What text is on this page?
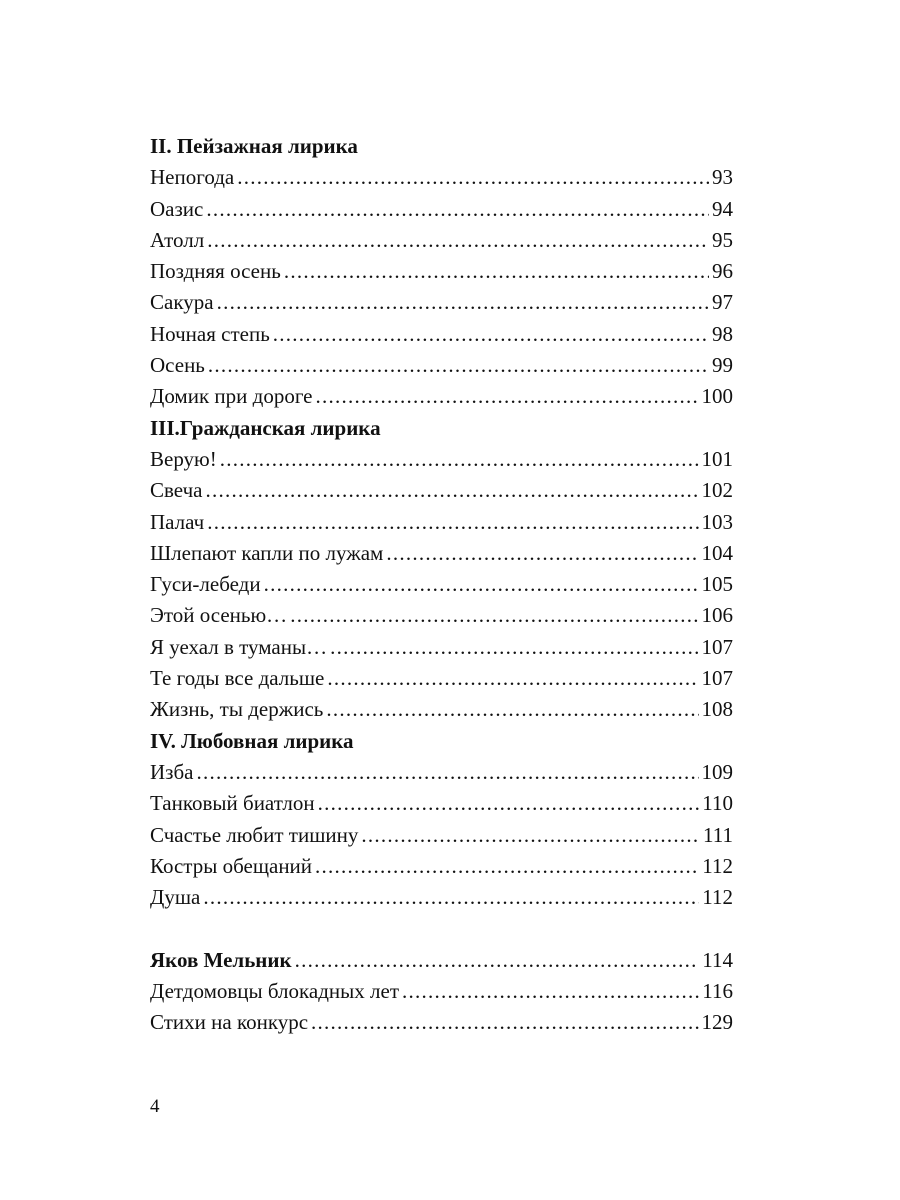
II. Пейзажная лирика
Непогода . . .	93
Оазис . . .	94
Атолл . . .	95
Поздняя осень . . .	96
Сакура . . .	97
Ночная степь . . .	98
Осень . . .	99
Домик при дороге . . .	100
III.Гражданская лирика
Верую! . . .	101
Свеча . . .	102
Палач . . .	103
Шлепают капли по лужам . . .	104
Гуси-лебеди . . .	105
Этой осенью… . . .	106
Я уехал в туманы… . . .	107
Те годы все дальше . . .	107
Жизнь, ты держись . . .	108
IV. Любовная лирика
Изба . . .	109
Танковый биатлон . . .	110
Счастье любит тишину . . .	111
Костры обещаний . . .	112
Душа . . .	112
Яков Мельник . . .	114
Детдомовцы блокадных лет . . .	116
Стихи на конкурс . . .	129
4
